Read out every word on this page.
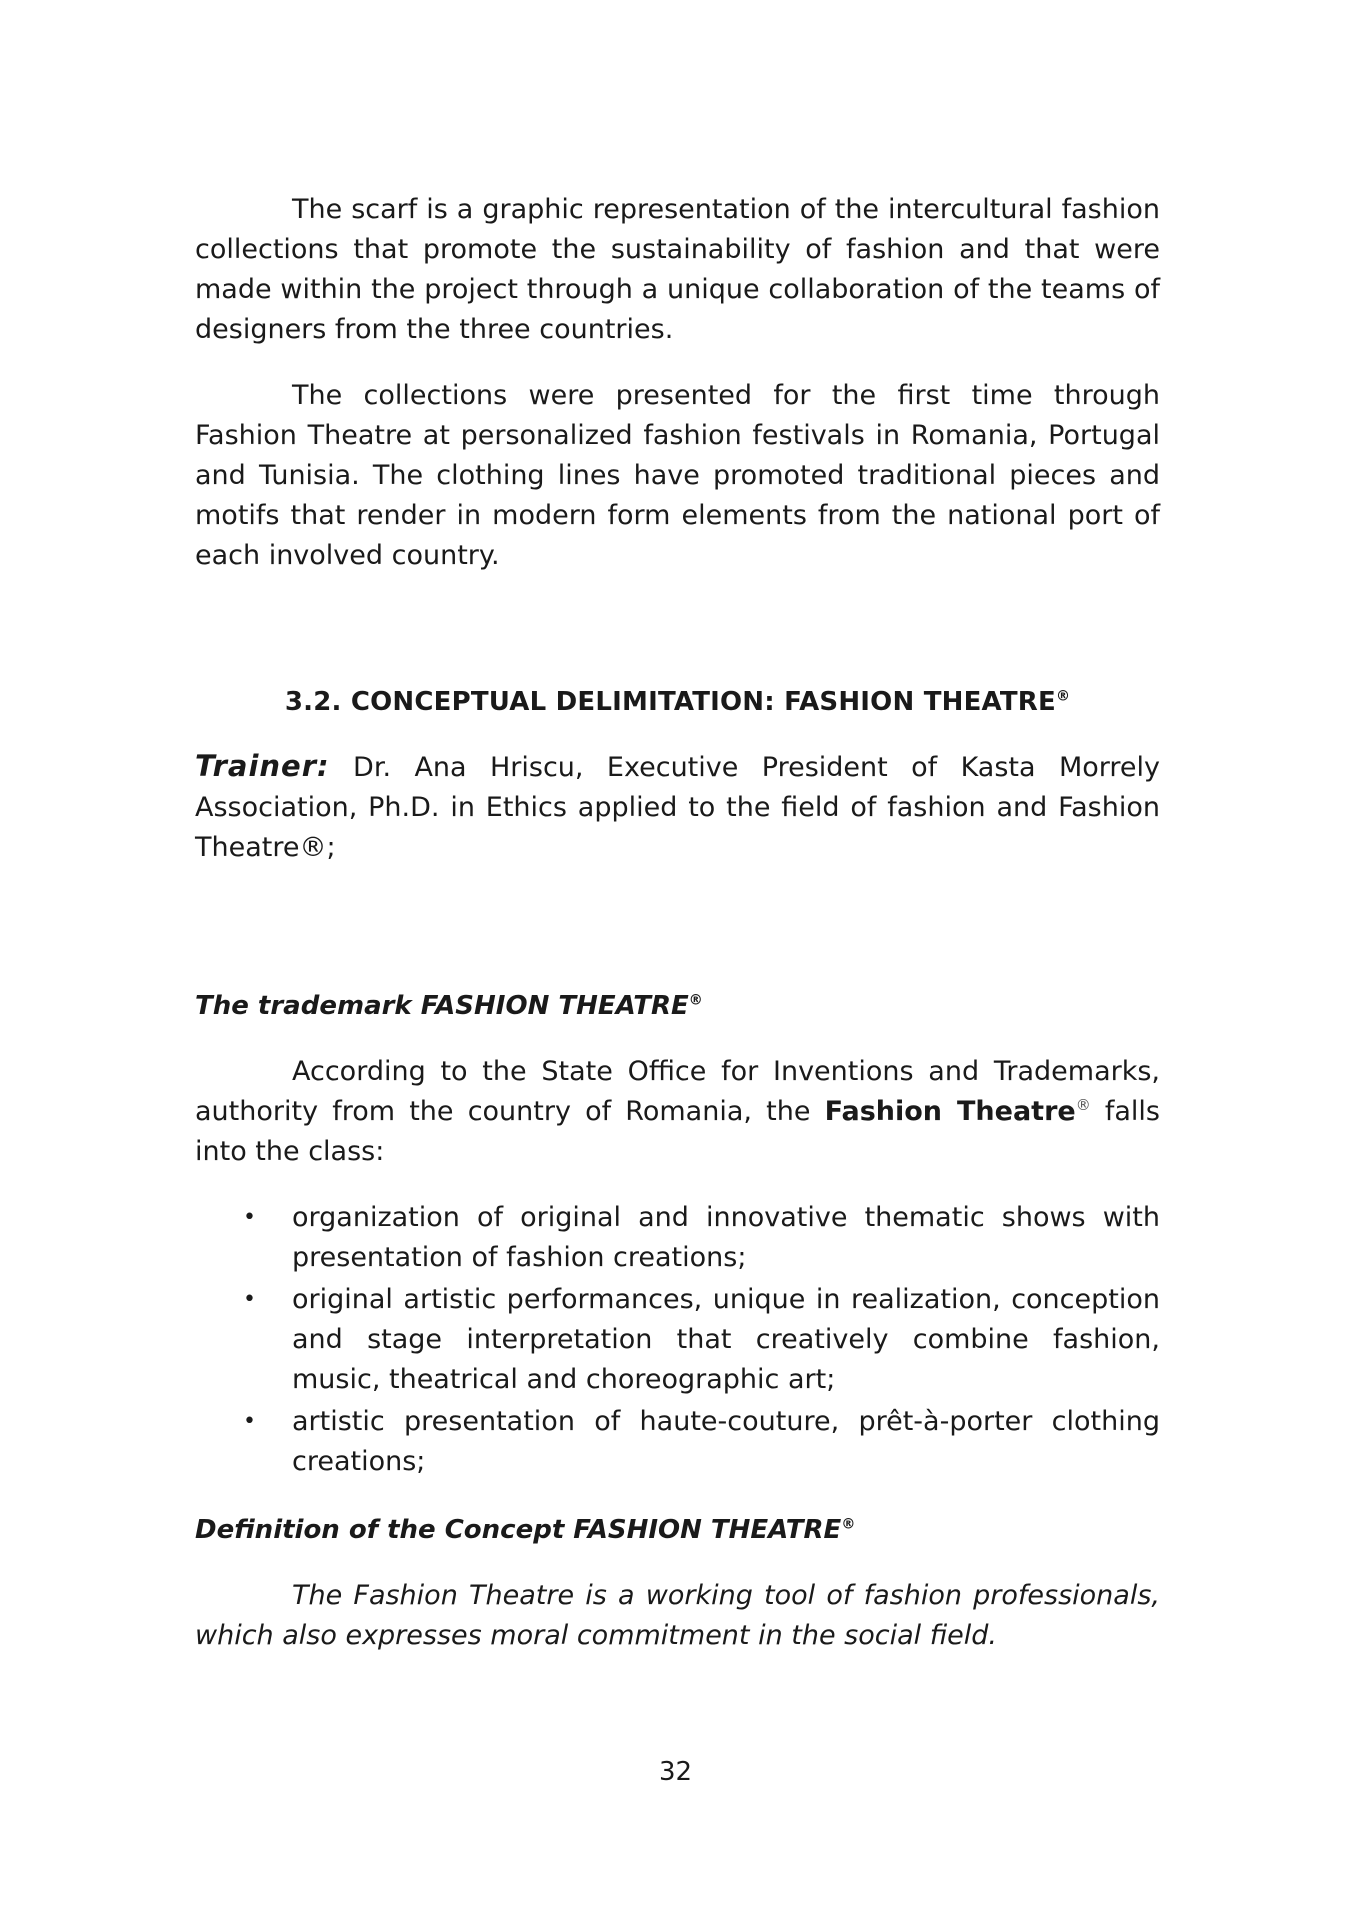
The scarf is a graphic representation of the intercultural fashion collections that promote the sustainability of fashion and that were made within the project through a unique collaboration of the teams of designers from the three countries.

The collections were presented for the first time through Fashion Theatre at personalized fashion festivals in Romania, Portugal and Tunisia. The clothing lines have promoted traditional pieces and motifs that render in modern form elements from the national port of each involved country.

3.2. CONCEPTUAL DELIMITATION: FASHION THEATRE®

Trainer: Dr. Ana Hriscu, Executive President of Kasta Morrely Association, Ph.D. in Ethics applied to the field of fashion and Fashion Theatre®;

The trademark FASHION THEATRE®

According to the State Office for Inventions and Trademarks, authority from the country of Romania, the Fashion Theatre® falls into the class:

• organization of original and innovative thematic shows with presentation of fashion creations;
• original artistic performances, unique in realization, conception and stage interpretation that creatively combine fashion, music, theatrical and choreographic art;
• artistic presentation of haute-couture, prêt-à-porter clothing creations;

Definition of the Concept FASHION THEATRE®

The Fashion Theatre is a working tool of fashion professionals, which also expresses moral commitment in the social field.

32
